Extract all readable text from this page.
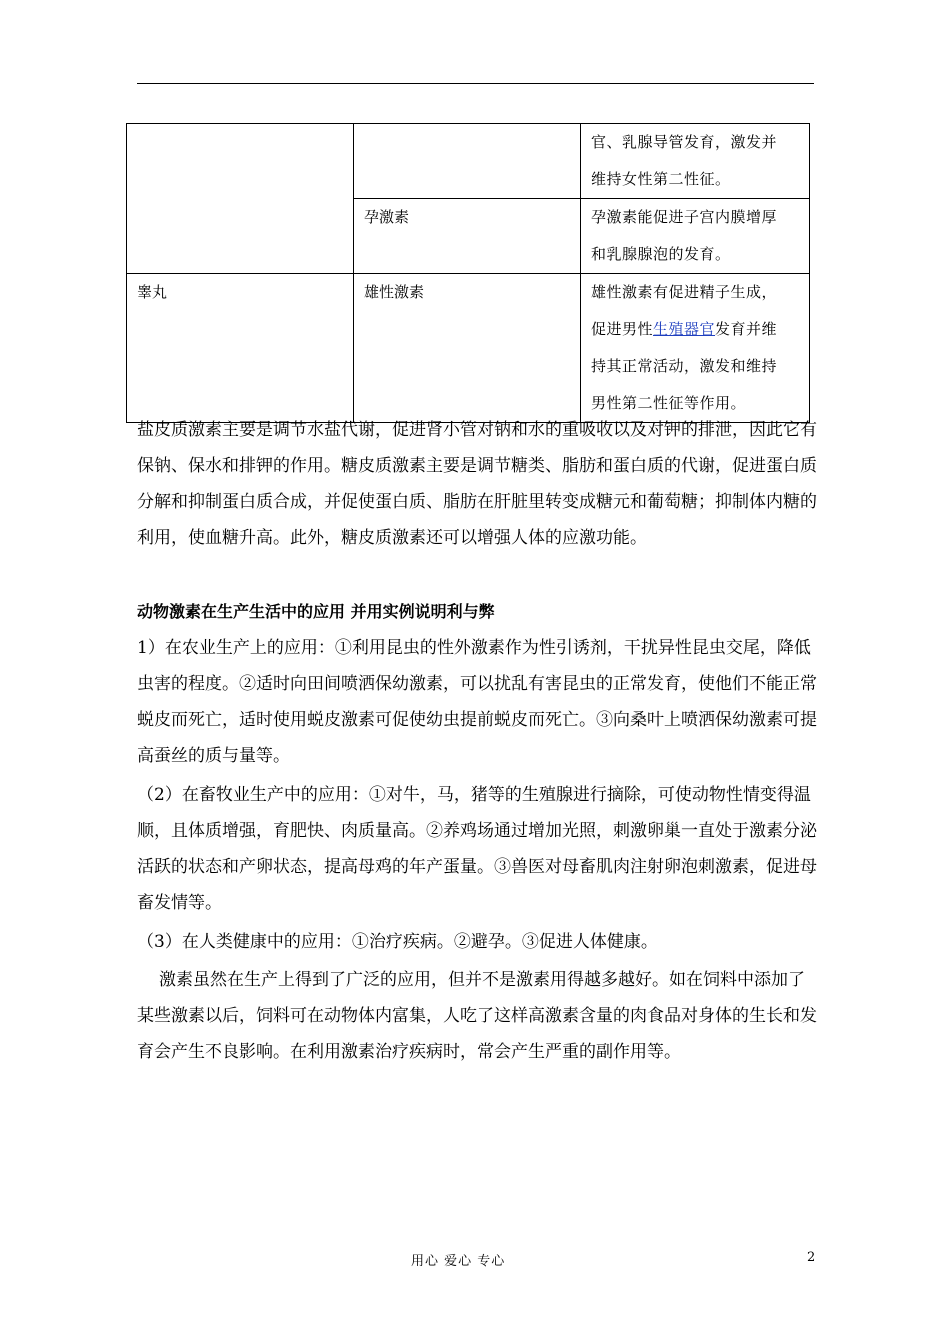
		官、乳腺导管发育，激发并
维持女性第二性征。

	孕激素	孕激素能促进子宫内膜增厚
和乳腺腺泡的发育。

睾丸	雄性激素	雄性激素有促进精子生成，
促进男性生殖器官发育并维
持其正常活动，激发和维持
男性第二性征等作用。

盐皮质激素主要是调节水盐代谢，促进肾小管对钠和水的重吸收以及对钾的排泄，因此它有保钠、保水和排钾的作用。糖皮质激素主要是调节糖类、脂肪和蛋白质的代谢，促进蛋白质分解和抑制蛋白质合成，并促使蛋白质、脂肪在肝脏里转变成糖元和葡萄糖；抑制体内糖的利用，使血糖升高。此外，糖皮质激素还可以增强人体的应激功能。

动物激素在生产生活中的应用 并用实例说明利与弊

1）在农业生产上的应用：①利用昆虫的性外激素作为性引诱剂，干扰异性昆虫交尾，降低虫害的程度。②适时向田间喷洒保幼激素，可以扰乱有害昆虫的正常发育，使他们不能正常蜕皮而死亡，适时使用蜕皮激素可促使幼虫提前蜕皮而死亡。③向桑叶上喷洒保幼激素可提高蚕丝的质与量等。

（2）在畜牧业生产中的应用：①对牛，马，猪等的生殖腺进行摘除，可使动物性情变得温顺，且体质增强，育肥快、肉质量高。②养鸡场通过增加光照，刺激卵巢一直处于激素分泌活跃的状态和产卵状态，提高母鸡的年产蛋量。③兽医对母畜肌肉注射卵泡刺激素，促进母畜发情等。

（3）在人类健康中的应用：①治疗疾病。②避孕。③促进人体健康。

激素虽然在生产上得到了广泛的应用，但并不是激素用得越多越好。如在饲料中添加了某些激素以后，饲料可在动物体内富集，人吃了这样高激素含量的肉食品对身体的生长和发育会产生不良影响。在利用激素治疗疾病时，常会产生严重的副作用等。

用心 爱心 专心	2
